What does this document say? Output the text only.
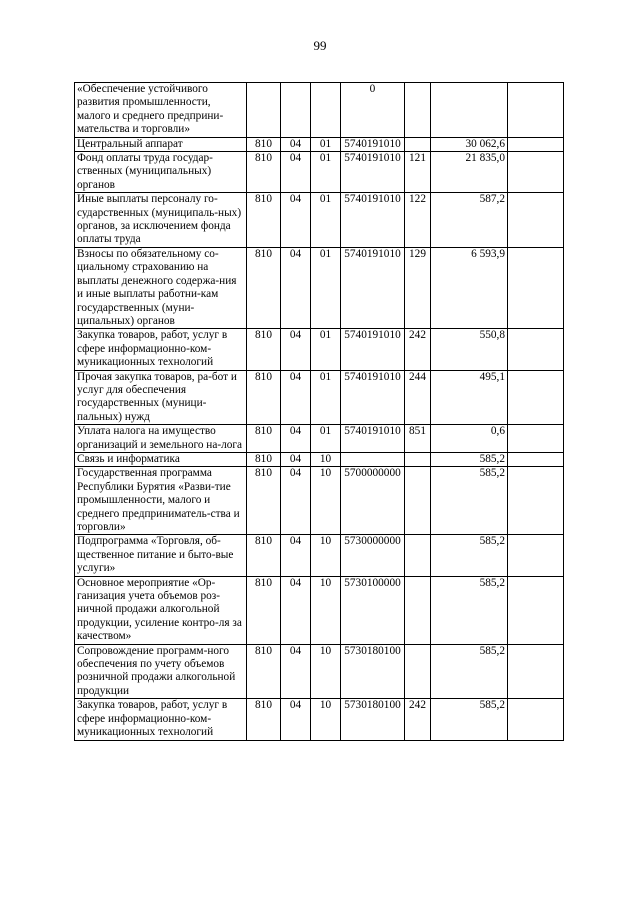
99
«Обеспечение устойчивого развития промышленности, малого и среднего предприни-мательства и торговли»				0			
Центральный аппарат	810	04	01	5740191010		30 062,6	
Фонд оплаты труда государ-ственных (муниципальных) органов	810	04	01	5740191010	121	21 835,0	
Иные выплаты персоналу го-сударственных (муниципаль-ных) органов, за исключением фонда оплаты труда	810	04	01	5740191010	122	587,2	
Взносы по обязательному со-циальному страхованию на выплаты денежного содержа-ния и иные выплаты работни-кам государственных (муни-ципальных) органов	810	04	01	5740191010	129	6 593,9	
Закупка товаров, работ, услуг в сфере информационно-ком-муникационных технологий	810	04	01	5740191010	242	550,8	
Прочая закупка товаров, ра-бот и услуг для обеспечения государственных (муници-пальных) нужд	810	04	01	5740191010	244	495,1	
Уплата налога на имущество организаций и земельного на-лога	810	04	01	5740191010	851	0,6	
Связь и информатика	810	04	10			585,2	
Государственная программа Республики Бурятия «Разви-тие промышленности, малого и среднего предприниматель-ства и торговли»	810	04	10	5700000000		585,2	
Подпрограмма «Торговля, об-щественное питание и быто-вые услуги»	810	04	10	5730000000		585,2	
Основное мероприятие «Ор-ганизация учета объемов роз-ничной продажи алкогольной продукции, усиление контро-ля за качеством»	810	04	10	5730100000		585,2	
Сопровождение программ-ного обеспечения по учету объемов розничной продажи алкогольной продукции	810	04	10	5730180100		585,2	
Закупка товаров, работ, услуг в сфере информационно-ком-муникационных технологий	810	04	10	5730180100	242	585,2	
